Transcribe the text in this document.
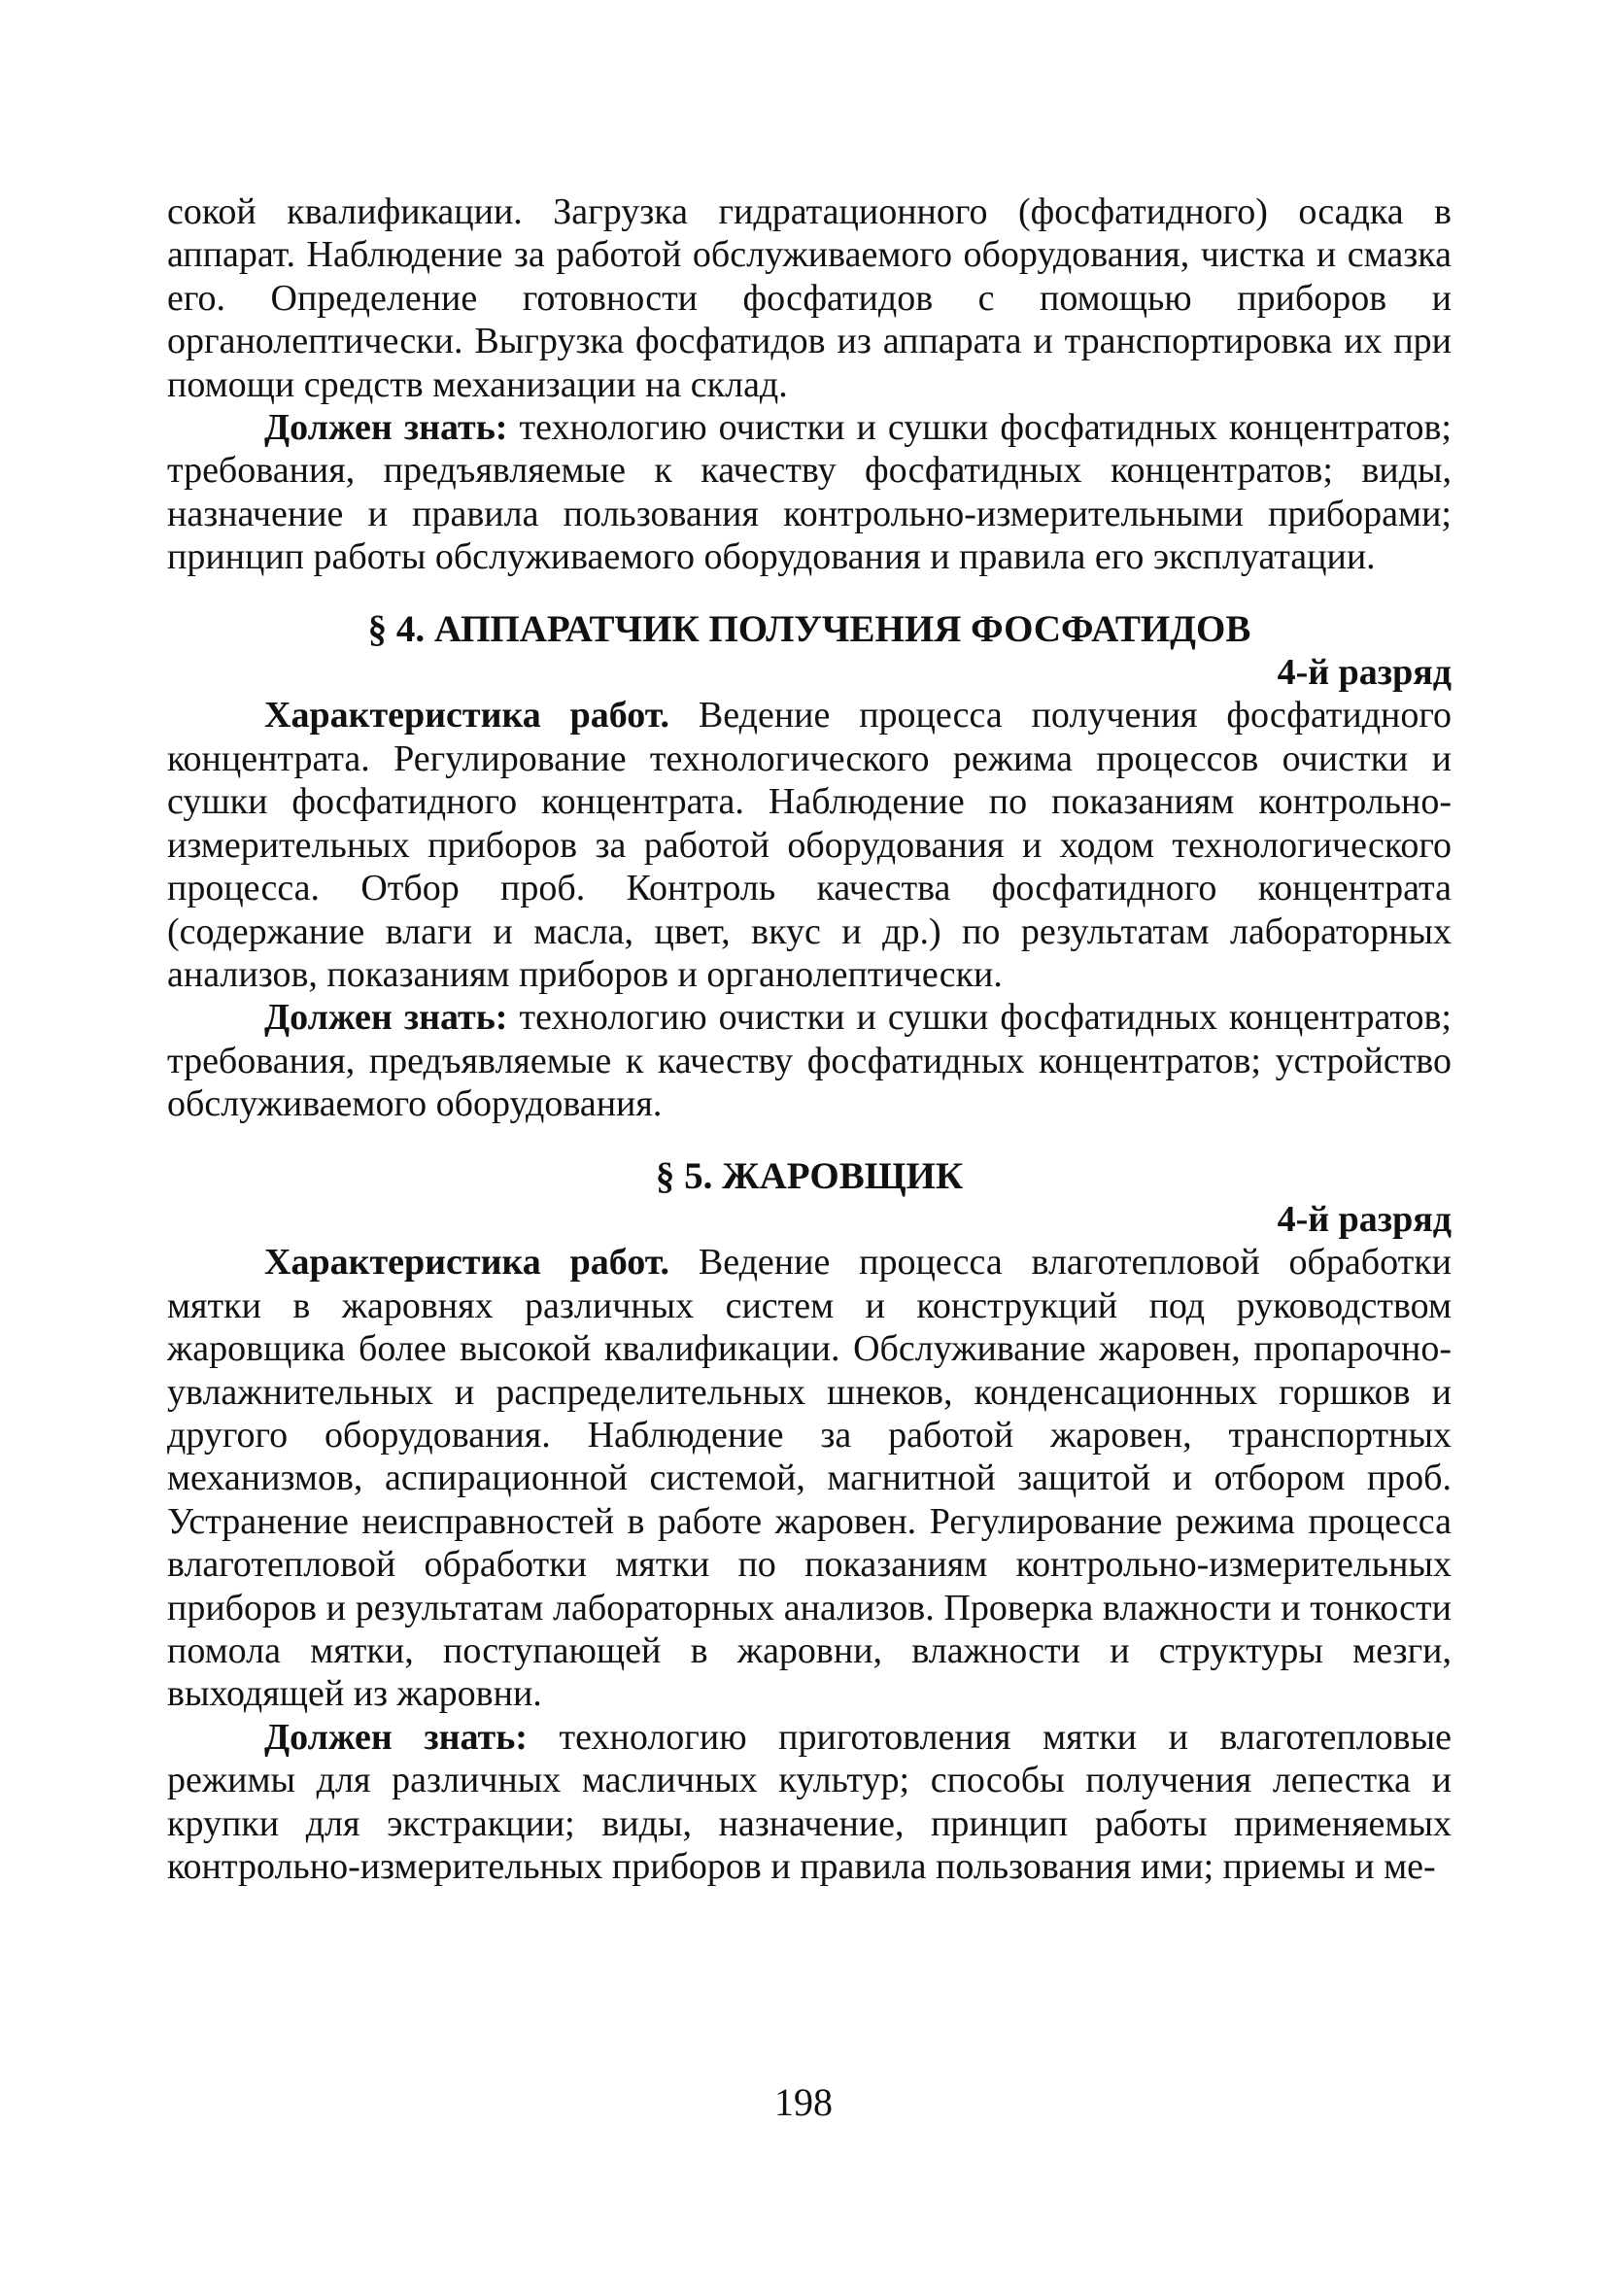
сокой квалификации. Загрузка гидратационного (фосфатидного) осадка в аппарат. Наблюдение за работой обслуживаемого оборудования, чистка и смазка его. Определение готовности фосфатидов с помощью приборов и органолептически. Выгрузка фосфатидов из аппарата и транспортировка их при помощи средств механизации на склад.

Должен знать: технологию очистки и сушки фосфатидных концентратов; требования, предъявляемые к качеству фосфатидных концентратов; виды, назначение и правила пользования контрольно-измерительными приборами; принцип работы обслуживаемого оборудования и правила его эксплуатации.

§ 4. АППАРАТЧИК ПОЛУЧЕНИЯ ФОСФАТИДОВ

4-й разряд

Характеристика работ. Ведение процесса получения фосфатидного концентрата. Регулирование технологического режима процессов очистки и сушки фосфатидного концентрата. Наблюдение по показаниям контрольно-измерительных приборов за работой оборудования и ходом технологического процесса. Отбор проб. Контроль качества фосфатидного концентрата (содержание влаги и масла, цвет, вкус и др.) по результатам лабораторных анализов, показаниям приборов и органолептически.

Должен знать: технологию очистки и сушки фосфатидных концентратов; требования, предъявляемые к качеству фосфатидных концентратов; устройство обслуживаемого оборудования.

§ 5. ЖАРОВЩИК

4-й разряд

Характеристика работ. Ведение процесса влаготепловой обработки мятки в жаровнях различных систем и конструкций под руководством жаровщика более высокой квалификации. Обслуживание жаровен, пропарочно-увлажнительных и распределительных шнеков, конденсационных горшков и другого оборудования. Наблюдение за работой жаровен, транспортных механизмов, аспирационной системой, магнитной защитой и отбором проб. Устранение неисправностей в работе жаровен. Регулирование режима процесса влаготепловой обработки мятки по показаниям контрольно-измерительных приборов и результатам лабораторных анализов. Проверка влажности и тонкости помола мятки, поступающей в жаровни, влажности и структуры мезги, выходящей из жаровни.

Должен знать: технологию приготовления мятки и влаготепловые режимы для различных масличных культур; способы получения лепестка и крупки для экстракции; виды, назначение, принцип работы применяемых контрольно-измерительных приборов и правила пользования ими; приемы и ме-

198
